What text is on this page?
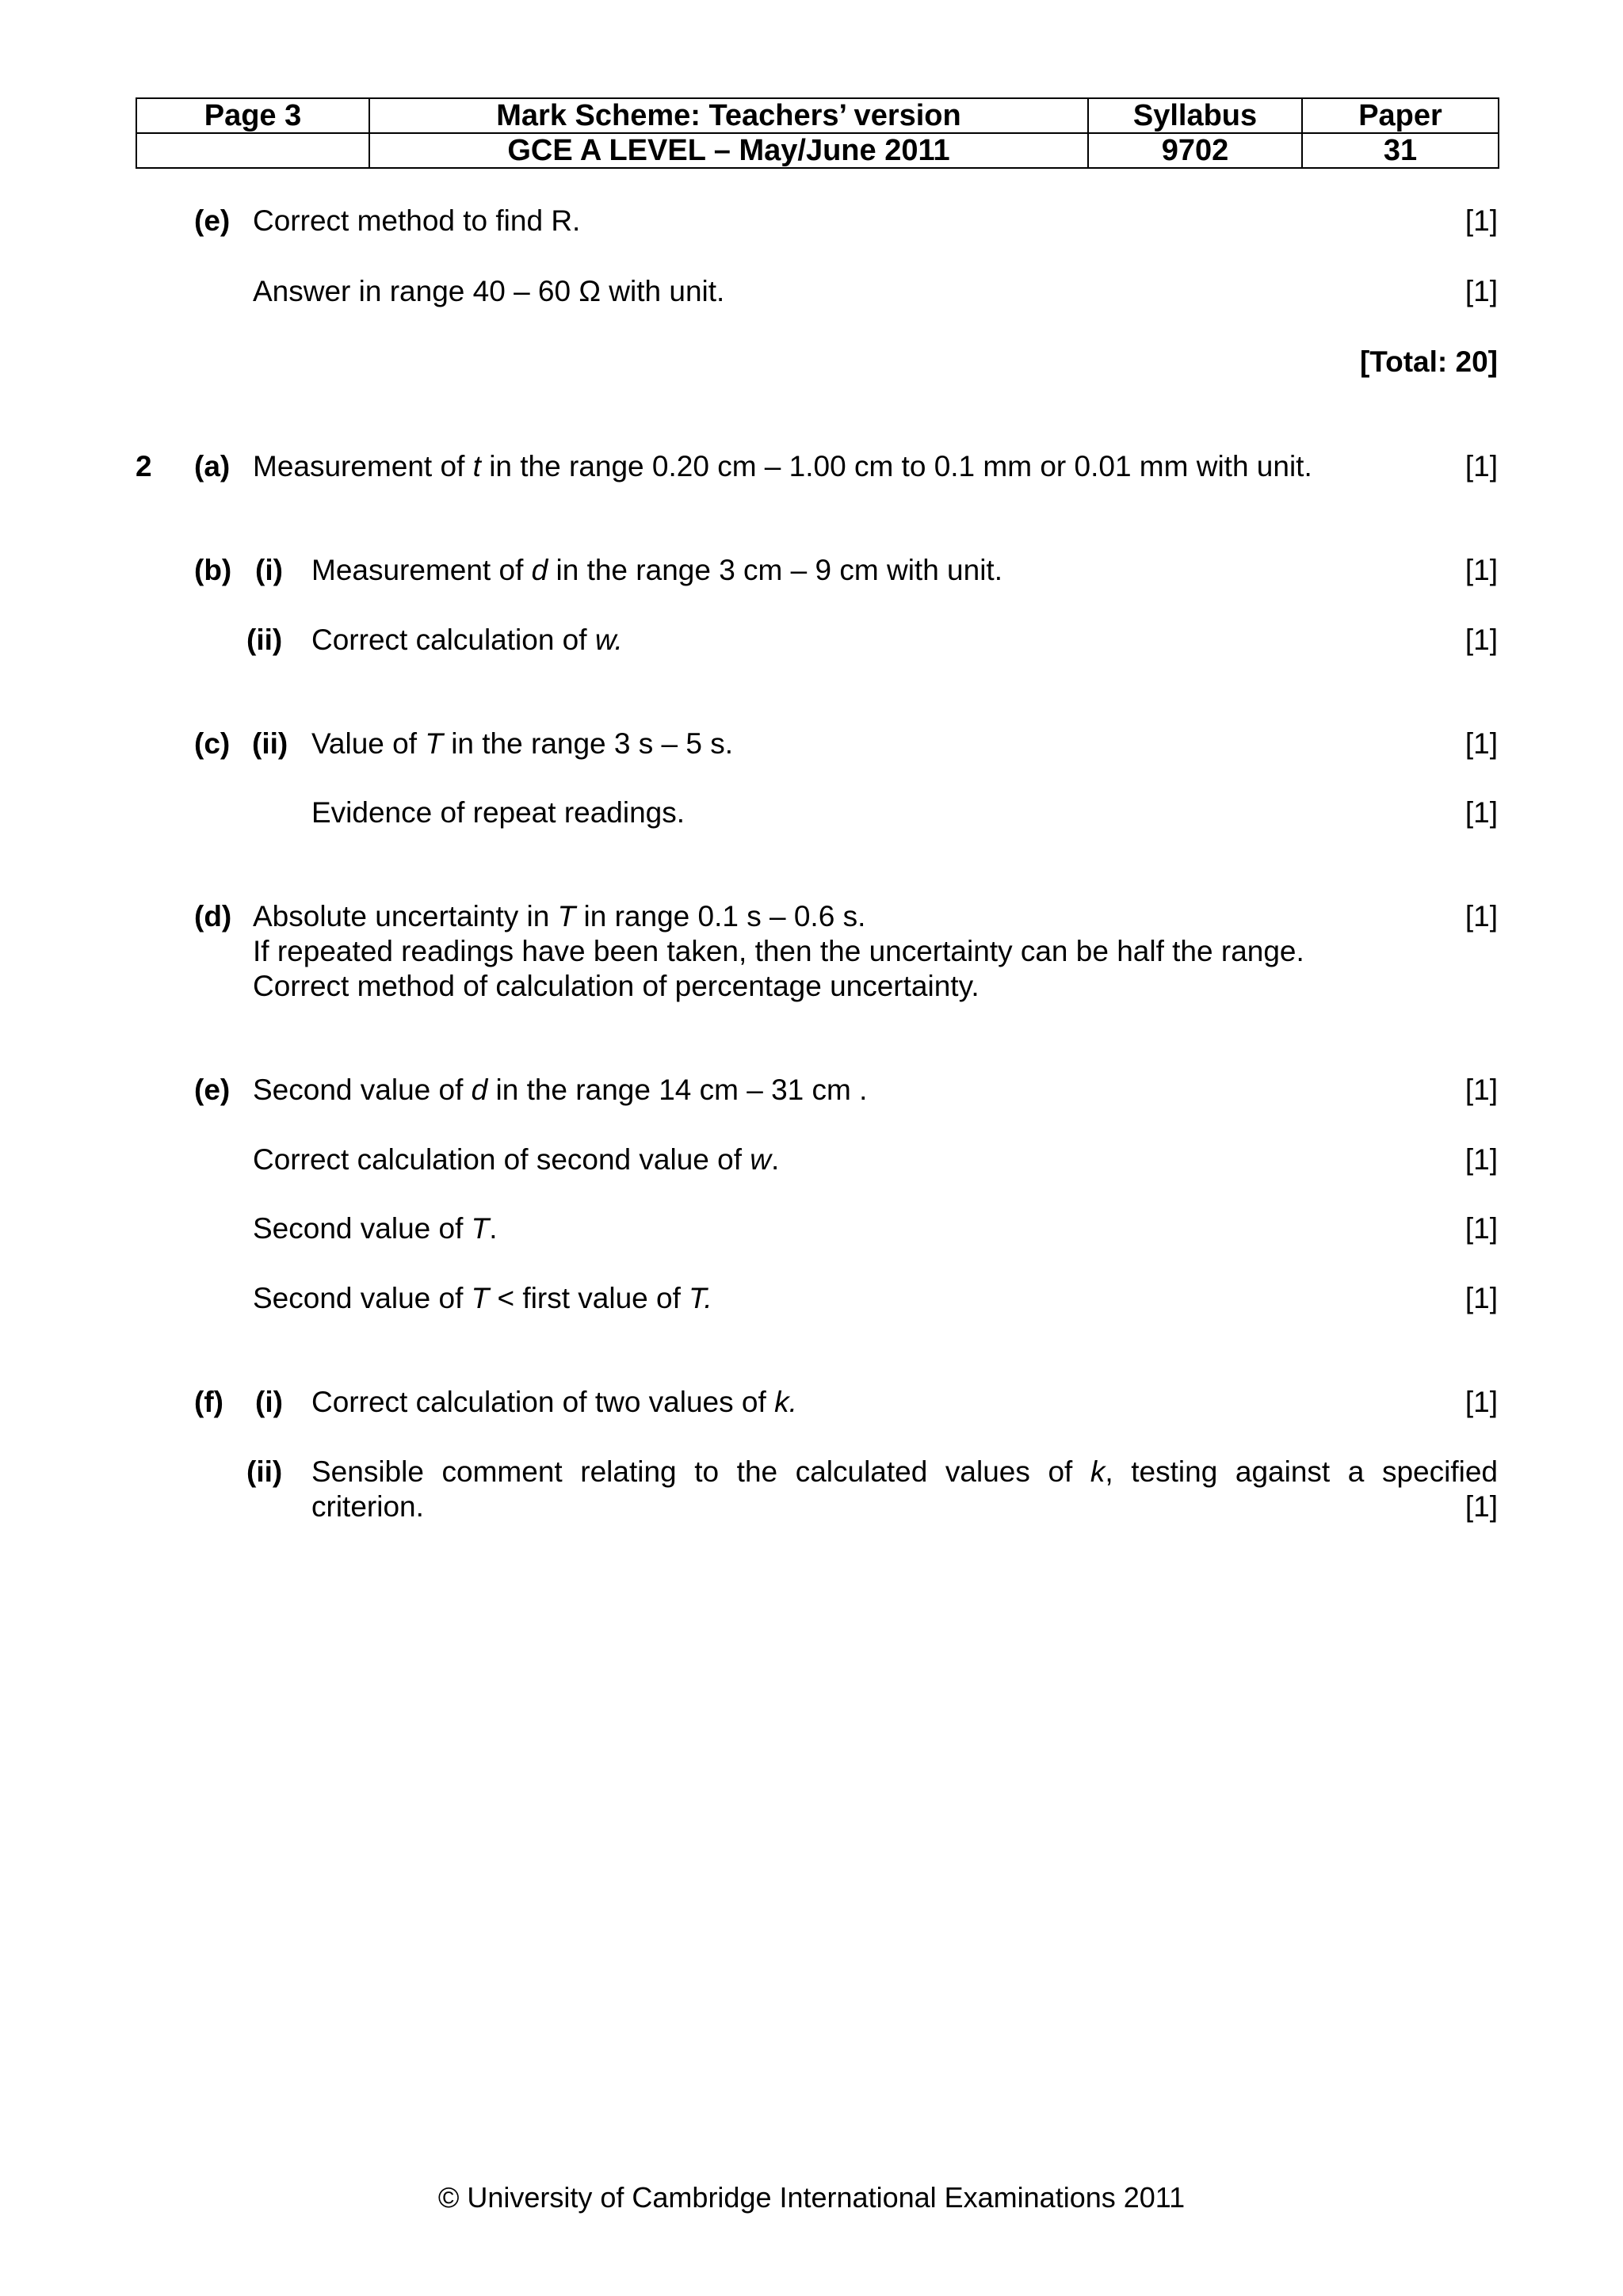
Page 3	Mark Scheme: Teachers’ version	Syllabus	Paper
	GCE A LEVEL – May/June 2011	9702	31
(e) Correct method to find R.	[1]
Answer in range 40 – 60 Ω with unit.	[1]
[Total: 20]
2 (a) Measurement of t in the range 0.20 cm – 1.00 cm to 0.1 mm or 0.01 mm with unit.	[1]
(b) (i) Measurement of d in the range 3 cm – 9 cm with unit.	[1]
(ii) Correct calculation of w.	[1]
(c) (ii) Value of T in the range 3 s – 5 s.	[1]
Evidence of repeat readings.	[1]
(d) Absolute uncertainty in T in range 0.1 s – 0.6 s.	[1]
If repeated readings have been taken, then the uncertainty can be half the range.
Correct method of calculation of percentage uncertainty.
(e) Second value of d in the range 14 cm – 31 cm .	[1]
Correct calculation of second value of w.	[1]
Second value of T.	[1]
Second value of T < first value of T.	[1]
(f) (i) Correct calculation of two values of k.	[1]
(ii) Sensible comment relating to the calculated values of k, testing against a specified
criterion.	[1]
© University of Cambridge International Examinations 2011
